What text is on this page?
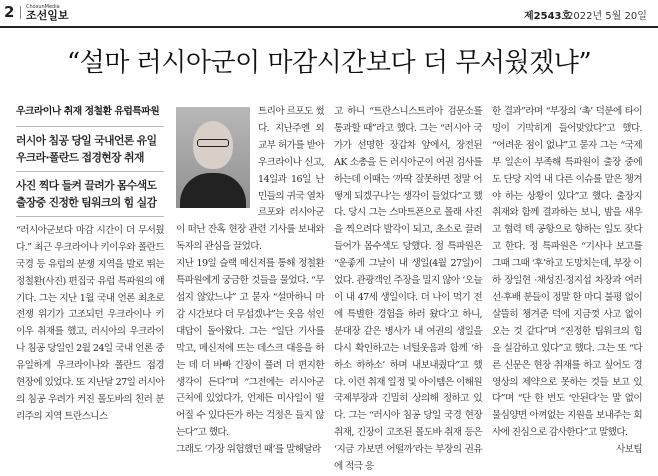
2 ChosunMedia
조선일보	제2543호
2022년 5월 20일
“설마 러시아군이 마감시간보다 더 무서웠겠냐”

우크라이나 취재 정철환 유럽특파원

러시아 침공 당일 국내언론 유일 우크라·폴란드 접경현장 취재

사진 찍다 들켜 끌려가 몸수색도 출장중 진정한 팀워크의 힘 실감

“러시아군보다 마감 시간이 더 무서웠다.” 최근 우크라이나 키이우와 폴란드 국경 등 유럽의 분쟁 지역을 발로 뛰는 정철환(사진) 편집국 유럽 특파원의 얘기다. 그는 지난 1월 국내 언론 최초로 전쟁 위기가 고조되던 우크라이나 키이우 취재를 했고, 러시아의 우크라이나 침공 당일인 2월 24일 국내 언론 중 유일하게 우크라이나와 폴란드 접경 현장에 있었다. 또 지난달 27일 러시아의 침공 우려가 커진 몰도바의 친러 분리주의 지역 트란스니스

트리아 르포도 썼다. 지난주엔 외교부 허가를 받아 우크라이나 신고, 14일과 16일 난민들의 귀국 열차 르포와 러시아군이 떠난 잔혹 현장 관련 기사를 보내와 독자의 관심을 끌었다.

지난 19일 슬랙 메신저를 통해 정철환 특파원에게 궁금한 것들을 물었다. “무섭지 않았느냐” 고 묻자 “설마하니 마감 시간보다 더 무섭겠냐”는 웃음 섞인 대답이 돌아왔다. 그는 “일단 기사를 막고, 메신저에 뜨는 데스크 대응을 하는 데 더 바빠 긴장이 풀려 더 편지한 생각이 든다”며 “그전에는 러시아군 근처에 있었다가, 언제든 미사일이 떨어질 수 있다든가 하는 걱정은 들지 않는다”고 했다.

그래도 ‘가장 위험했던 때’를 말해달라

고 하니 “트란스니스트리아 검문소를 통과할 때”라고 했다. 그는 “러시아 국가가 선명한 장갑차 앞에서, 장전된 AK 소총을 든 러시아군이 여권 검사를 하는데 이때는 ‘까딱 잘못하면 정말 어떻게 되겠구나’는 생각이 들었다”고 했다. 당시 그는 스마트폰으로 몰래 사진을 찍으려다 발각이 되고, 초소로 끌려들어가 몸수색도 당했다. 정 특파원은 “운좋게 그날이 내 생일(4월 27일)이었다. 관광객인 주장을 밀지 않아 ‘오늘이 내 47세 생일이다. 더 나이 먹기 전에 특별한 경험을 하러 왔다’고 하니, 분대장 같은 병사가 내 여권의 생일을 다시 확인하고는 너털웃음과 함께 ‘하하소 하하소’ 하며 내보내줬다”고 했다. 이런 취재 일정 및 아이템은 이해원 국제부장과 긴밀히 상의해 정하고 있다. 그는 “러시아 침공 당일 국경 현장 취재, 긴장이 고조된 몰도바 취재 등은 ‘지금 가보면 어떨까’라는 부장의 권유에 적극 응

한 결과”라며 “부장의 ‘촉’ 덕분에 타이밍이 기막히게 들어맞았다”고 했다. “어려운 점이 없냐”고 묻자 그는 “국제부 일손이 부족해 특파원이 출장 중에도 단당 지역 내 다른 이슈를 맡은 챙겨야 하는 상황이 있다”고 했다. 출장지 취재와 함께 결과하는 보니, 밤을 새우고 협력 텍 공항으로 향하는 일도 잦다고 한다. 정 특파원은 “기사나 보고를 그때 그때 ‘후’하고 도망치는데, 부장 이하 장일현 ·채성진·정지섭 차장과 여러 선·후배 분들이 정말 한 마디 불평 없이 살뜰히 챙겨준 덕에 지금껏 사고 없이 오는 것 같다”며 “진정한 팀워크의 힘을 실감하고 있다”고 했다. 그는 또 “다른 신문은 현장 취재를 하고 싶어도 경영상의 제약으로 못하는 것들 보고 있다”며 “단 한 번도 ‘안된다’는 말 없이 물심양면 아껴없는 지원을 보내주는 회사에 진심으로 감사한다”고 말했다.

사보팀
